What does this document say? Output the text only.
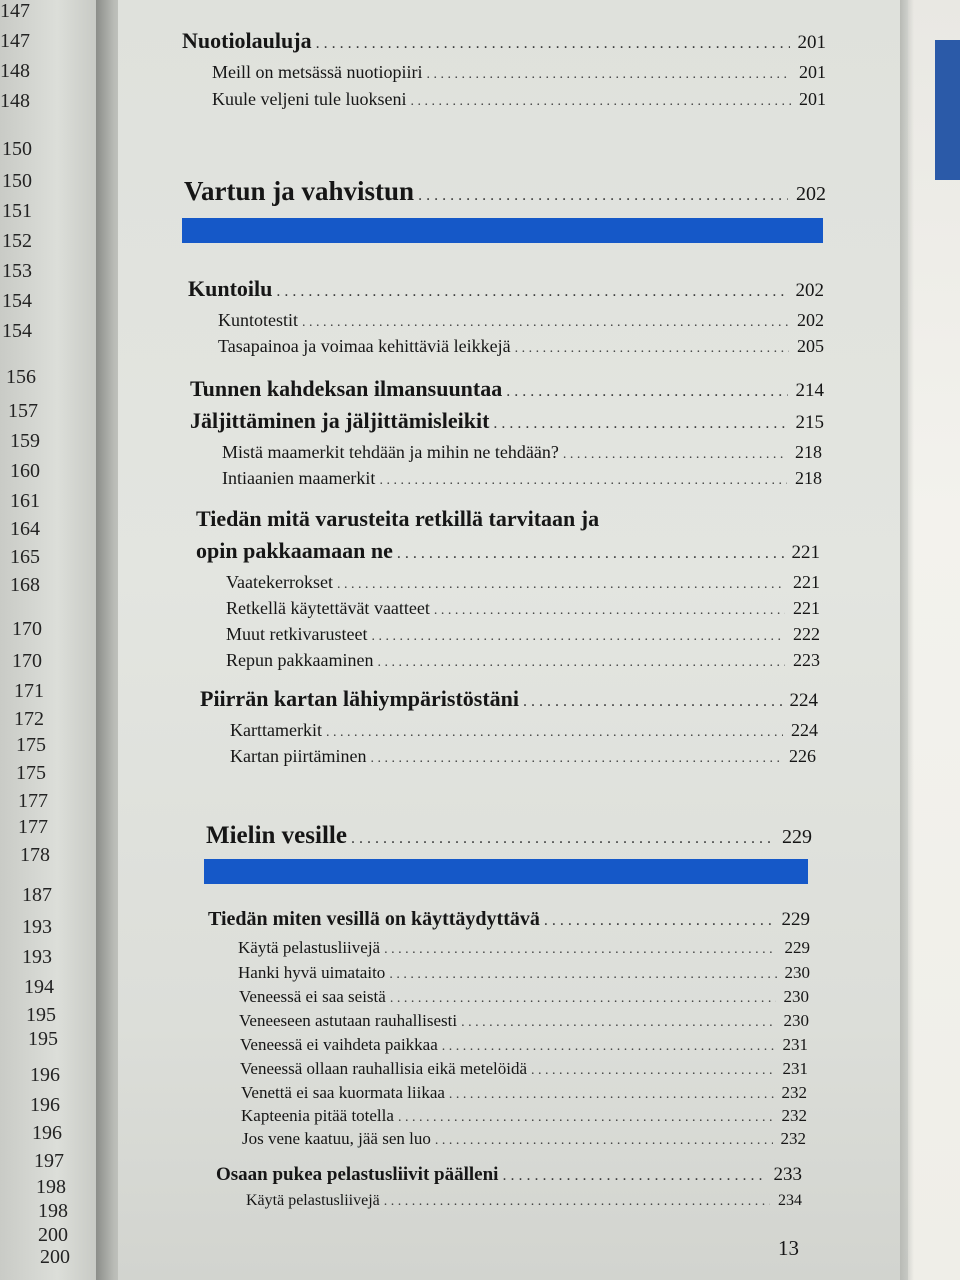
147
147
148
148
150
150
151
152
153
154
154
156
157
159
160
161
164
165
168
170
170
171
172
175
175
177
177
178
187
193
193
194
195
195
196
196
196
197
198
198
200
200
Nuotiolauluja . . .	201
Meill on metsässä nuotiopiiri . . .	201
Kuule veljeni tule luokseni . . .	201
Vartun ja vahvistun . . .	202
Kuntoilu . . .	202
Kuntotestit . . .	202
Tasapainoa ja voimaa kehittäviä leikkejä . . .	205
Tunnen kahdeksan ilmansuuntaa . . .	214
Jäljittäminen ja jäljittämisleikit . . .	215
Mistä maamerkit tehdään ja mihin ne tehdään? . . .	218
Intiaanien maamerkit . . .	218
Tiedän mitä varusteita retkillä tarvitaan ja
opin pakkaamaan ne . . .	221
Vaatekerrokset . . .	221
Retkellä käytettävät vaatteet . . .	221
Muut retkivarusteet . . .	222
Repun pakkaaminen . . .	223
Piirrän kartan lähiympäristöstäni . . .	224
Karttamerkit . . .	224
Kartan piirtäminen . . .	226
Mielin vesille . . .	229
Tiedän miten vesillä on käyttäydyttävä . . .	229
Käytä pelastusliivejä . . .	229
Hanki hyvä uimataito . . .	230
Veneessä ei saa seistä . . .	230
Veneeseen astutaan rauhallisesti . . .	230
Veneessä ei vaihdeta paikkaa . . .	231
Veneessä ollaan rauhallisia eikä metelöidä . . .	231
Venettä ei saa kuormata liikaa . . .	232
Kapteenia pitää totella . . .	232
Jos vene kaatuu, jää sen luo . . .	232
Osaan pukea pelastusliivit päälleni . . .	233
Käytä pelastusliivejä . . .	234
13
